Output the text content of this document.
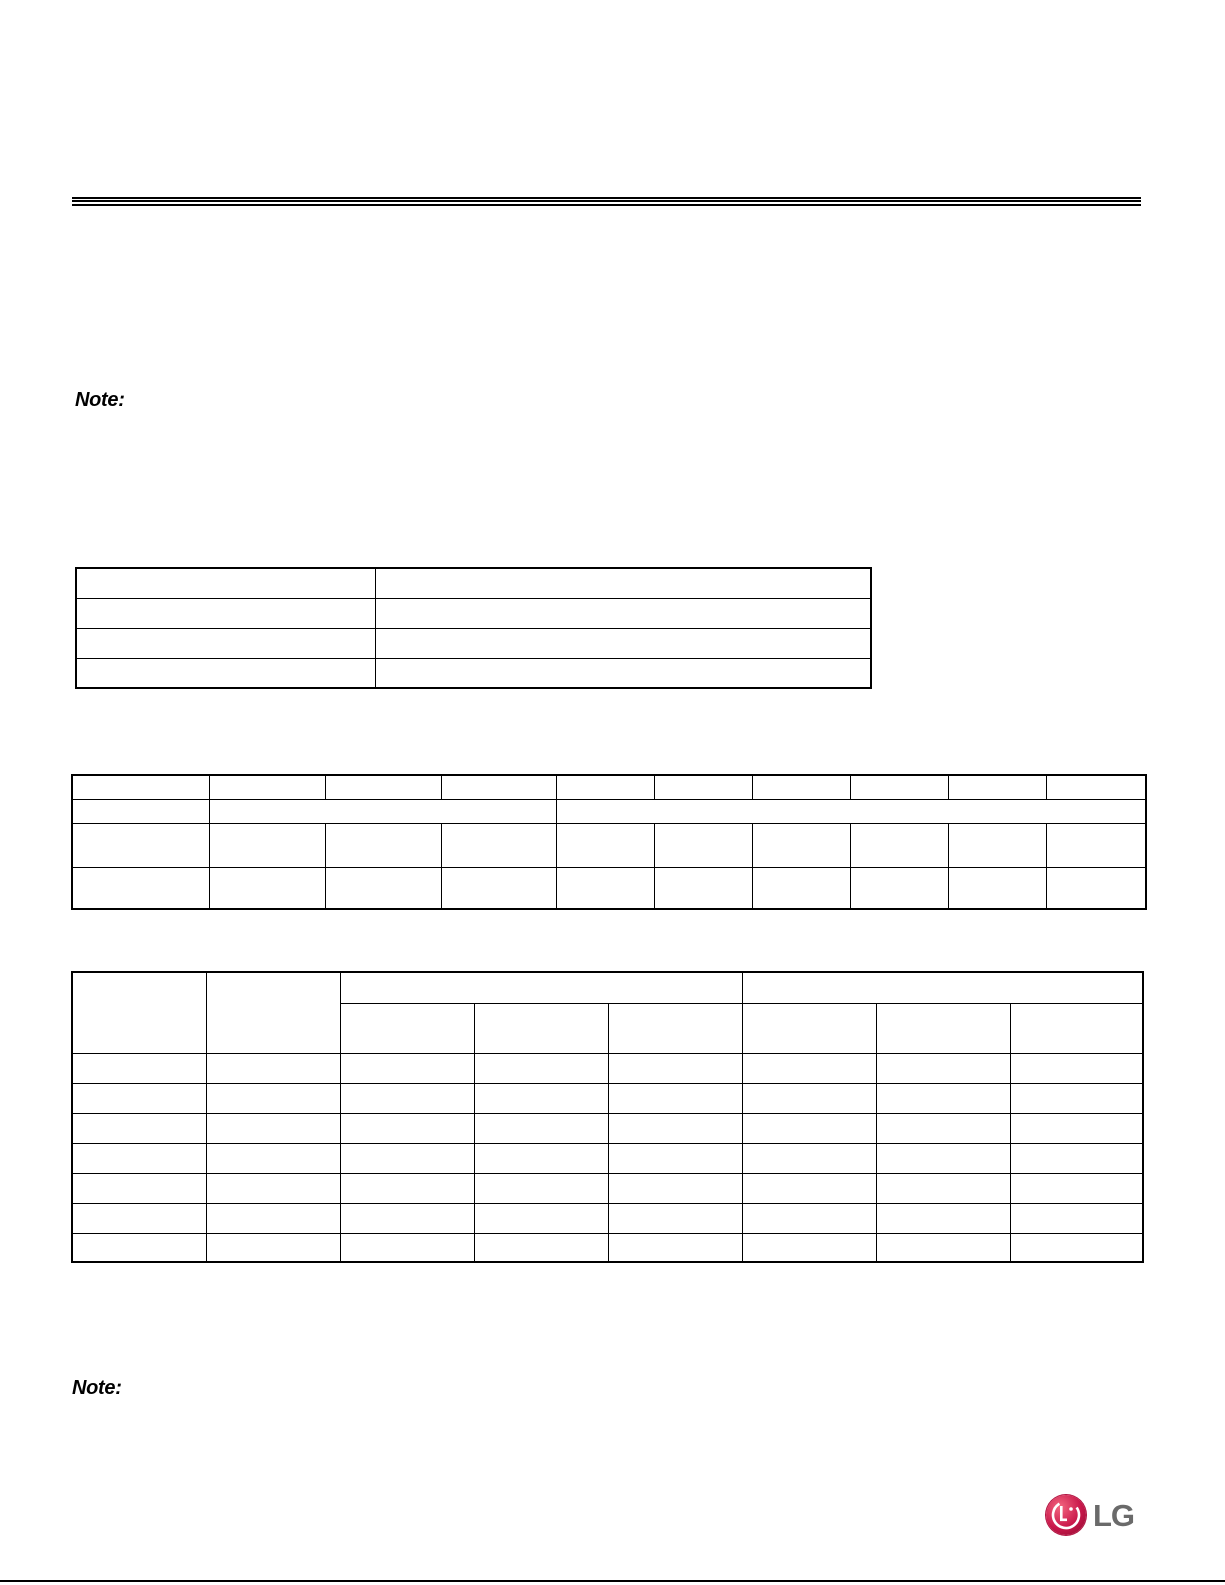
Note:

Note:
LG
